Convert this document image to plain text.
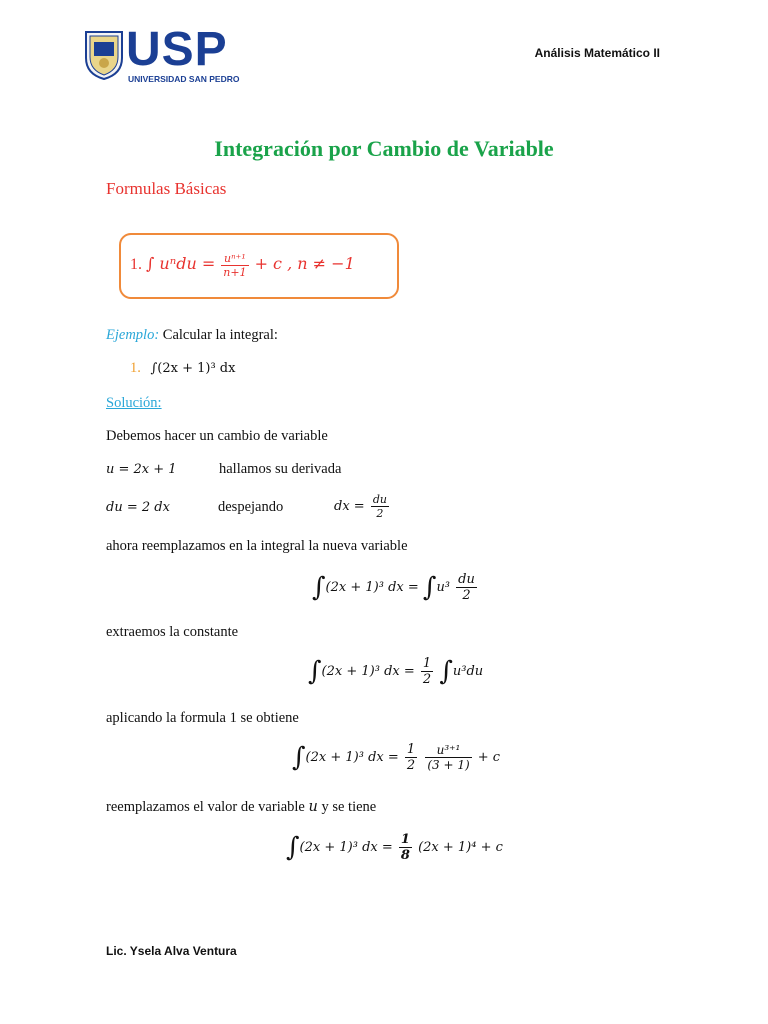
USP
UNIVERSIDAD SAN PEDRO
Análisis Matemático II
Integración por Cambio de Variable
Formulas Básicas
1. ∫ $u^ndu = \frac{\text{uⁿ⁺¹}}{n+1} + c$ , n ≠ −1
Ejemplo: Calcular la integral:
1. ∫(2x + 1)³ dx
Solución:
Debemos hacer un cambio de variable
u = 2x + 1	hallamos su derivada
du = 2 dx	despejando	dx = $\frac{du}{2}$
ahora reemplazamos en la integral la nueva variable
∫(2x + 1)³ dx = $\int u^3 \frac{du}{2}$
extraemos la constante
∫(2x + 1)³ dx = $\frac{1}{2} \int u^3du$
aplicando la formula 1 se obtiene
∫(2x + 1)³ dx = $\frac{1}{2}$
$\frac{\text{u³⁺¹}}{(3 + 1)} + c$
reemplazamos el valor de variable u y se tiene
∫(2x + 1)³ dx = $\frac{1}{8} (2x + 1)^4 + c$
Lic. Ysela Alva Ventura
